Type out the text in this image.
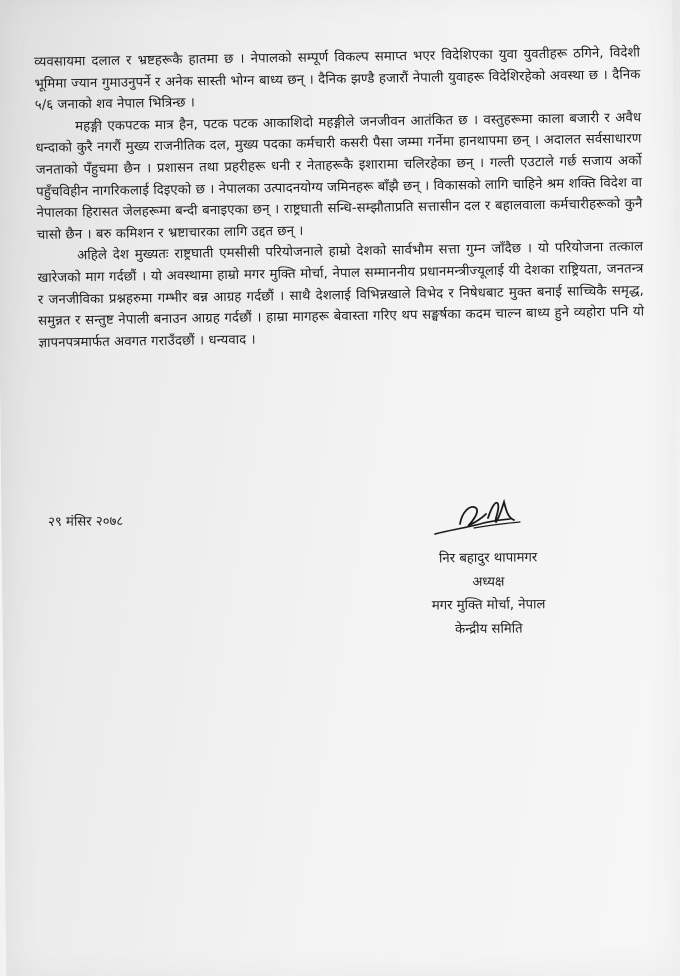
व्यवसायमा दलाल र भ्रष्टहरूकै हातमा छ । नेपालको सम्पूर्ण विकल्प समाप्त भएर विदेशिएका युवा युवतीहरू ठगिने, विदेशी भूमिमा ज्यान गुमाउनुपर्ने र अनेक सास्ती भोग्न बाध्य छन् । दैनिक झण्डै हजारौं नेपाली युवाहरू विदेशिरहेको अवस्था छ । दैनिक ५/६ जनाको शव नेपाल भित्रिन्छ ।

महङ्गी एकपटक मात्र हैन, पटक पटक आकाशिदो महङ्गीले जनजीवन आतंकित छ । वस्तुहरूमा काला बजारी र अवैध धन्दाको कुरै नगरौं मुख्य राजनीतिक दल, मुख्य पदका कर्मचारी कसरी पैसा जम्मा गर्नेमा हानथापमा छन् । अदालत सर्वसाधारण जनताको पँहुचमा छैन । प्रशासन तथा प्रहरीहरू धनी र नेताहरूकै इशारामा चलिरहेका छन् । गल्ती एउटाले गर्छ सजाय अर्को पहुँचविहीन नागरिकलाई दिइएको छ । नेपालका उत्पादनयोग्य जमिनहरू बाँझै छन् । विकासको लागि चाहिने श्रम शक्ति विदेश वा नेपालका हिरासत जेलहरूमा बन्दी बनाइएका छन् । राष्ट्रघाती सन्धि-सम्झौताप्रति सत्तासीन दल र बहालवाला कर्मचारीहरूको कुनै चासो छैन । बरु कमिशन र भ्रष्टाचारका लागि उद्दत छन् ।

अहिले देश मुख्यतः राष्ट्रघाती एमसीसी परियोजनाले हाम्रो देशको सार्वभौम सत्ता गुम्न जाँदैछ । यो परियोजना तत्काल खारेजको माग गर्दछौं । यो अवस्थामा हाम्रो मगर मुक्ति मोर्चा, नेपाल सम्माननीय प्रधानमन्त्रीज्यूलाई यी देशका राष्ट्रियता, जनतन्त्र र जनजीविका प्रश्नहरुमा गम्भीर बन्न आग्रह गर्दछौं । साथै देशलाई विभिन्नखाले विभेद र निषेधबाट मुक्त बनाई साच्चिकै समृद्ध, समुन्नत र सन्तुष्ट नेपाली बनाउन आग्रह गर्दछौं । हाम्रा मागहरू बेवास्ता गरिए थप सङ्घर्षका कदम चाल्न बाध्य हुने व्यहोरा पनि यो ज्ञापनपत्रमार्फत अवगत गराउँदछौं । धन्यवाद ।

२९ मंसिर २०७८
निर बहादुर थापामगर
अध्यक्ष
मगर मुक्ति मोर्चा, नेपाल
केन्द्रीय समिति
